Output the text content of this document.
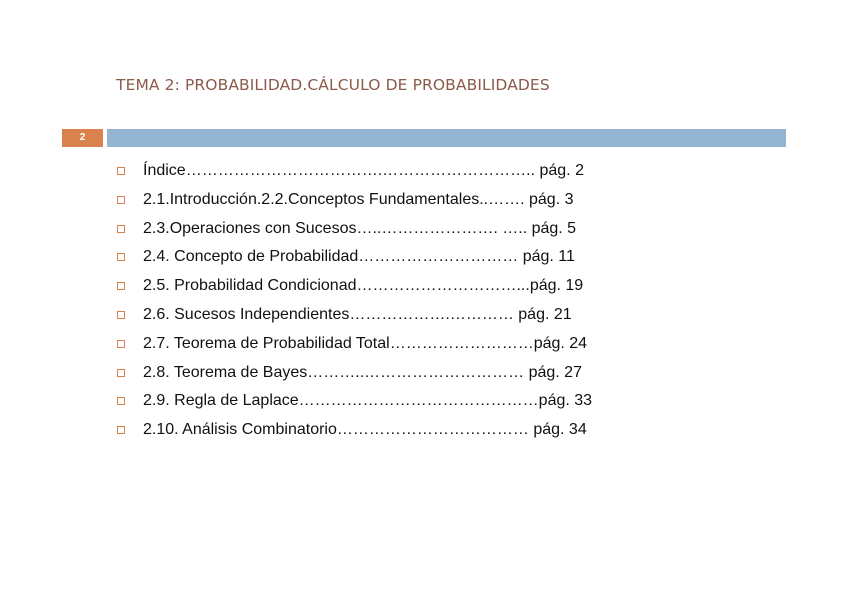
TEMA 2: PROBABILIDAD.CÁLCULO DE PROBABILIDADES
2
Índice……………………………….……………………….. pág. 2
2.1.Introducción.2.2.Conceptos Fundamentales..……. pág. 3
2.3.Operaciones con Sucesos…..…………………. ….. pág. 5
2.4. Concepto de Probabilidad………………………… pág. 11
2.5. Probabilidad Condicionad…………………………...pág. 19
2.6. Sucesos Independientes……………….………… pág. 21
2.7. Teorema de Probabilidad Total………………………pág. 24
2.8. Teorema de Bayes………..………………………… pág. 27
2.9. Regla de Laplace………………………………………pág. 33
2.10. Análisis Combinatorio……………………………… pág. 34
